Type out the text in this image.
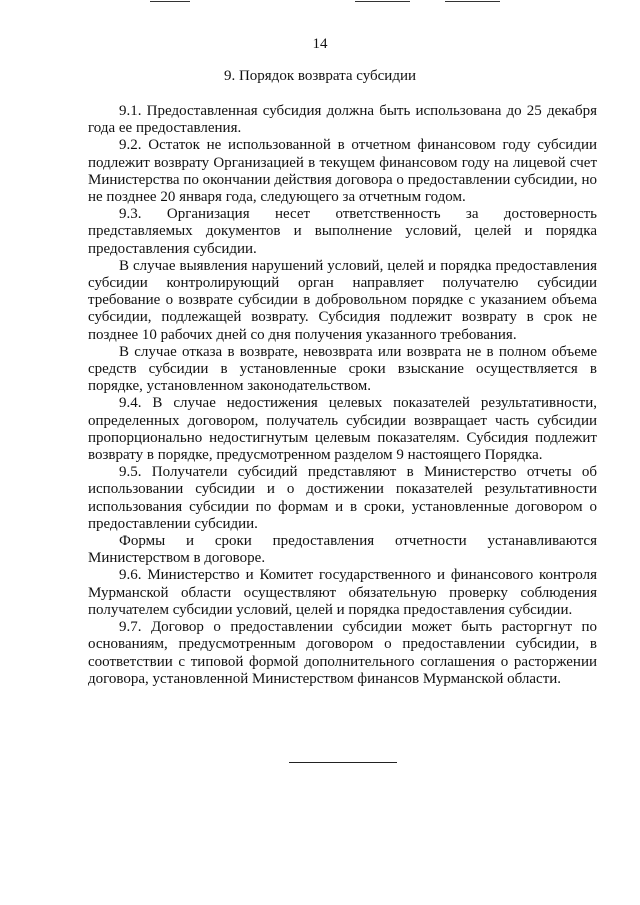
14
9. Порядок возврата субсидии

9.1. Предоставленная субсидия должна быть использована до 25 декабря года ее предоставления.

9.2. Остаток не использованной в отчетном финансовом году субсидии подлежит возврату Организацией в текущем финансовом году на лицевой счет Министерства по окончании действия договора о предоставлении субсидии, но не позднее 20 января года, следующего за отчетным годом.

9.3. Организация несет ответственность за достоверность представляемых документов и выполнение условий, целей и порядка предоставления субсидии.

В случае выявления нарушений условий, целей и порядка предоставления субсидии контролирующий орган направляет получателю субсидии требование о возврате субсидии в добровольном порядке с указанием объема субсидии, подлежащей возврату. Субсидия подлежит возврату в срок не позднее 10 рабочих дней со дня получения указанного требования.

В случае отказа в возврате, невозврата или возврата не в полном объеме средств субсидии в установленные сроки взыскание осуществляется в порядке, установленном законодательством.

9.4. В случае недостижения целевых показателей результативности, определенных договором, получатель субсидии возвращает часть субсидии пропорционально недостигнутым целевым показателям. Субсидия подлежит возврату в порядке, предусмотренном разделом 9 настоящего Порядка.

9.5. Получатели субсидий представляют в Министерство отчеты об использовании субсидии и о достижении показателей результативности использования субсидии по формам и в сроки, установленные договором о предоставлении субсидии.

Формы и сроки предоставления отчетности устанавливаются Министерством в договоре.

9.6. Министерство и Комитет государственного и финансового контроля Мурманской области осуществляют обязательную проверку соблюдения получателем субсидии условий, целей и порядка предоставления субсидии.

9.7. Договор о предоставлении субсидии может быть расторгнут по основаниям, предусмотренным договором о предоставлении субсидии, в соответствии с типовой формой дополнительного соглашения о расторжении договора, установленной Министерством финансов Мурманской области.
